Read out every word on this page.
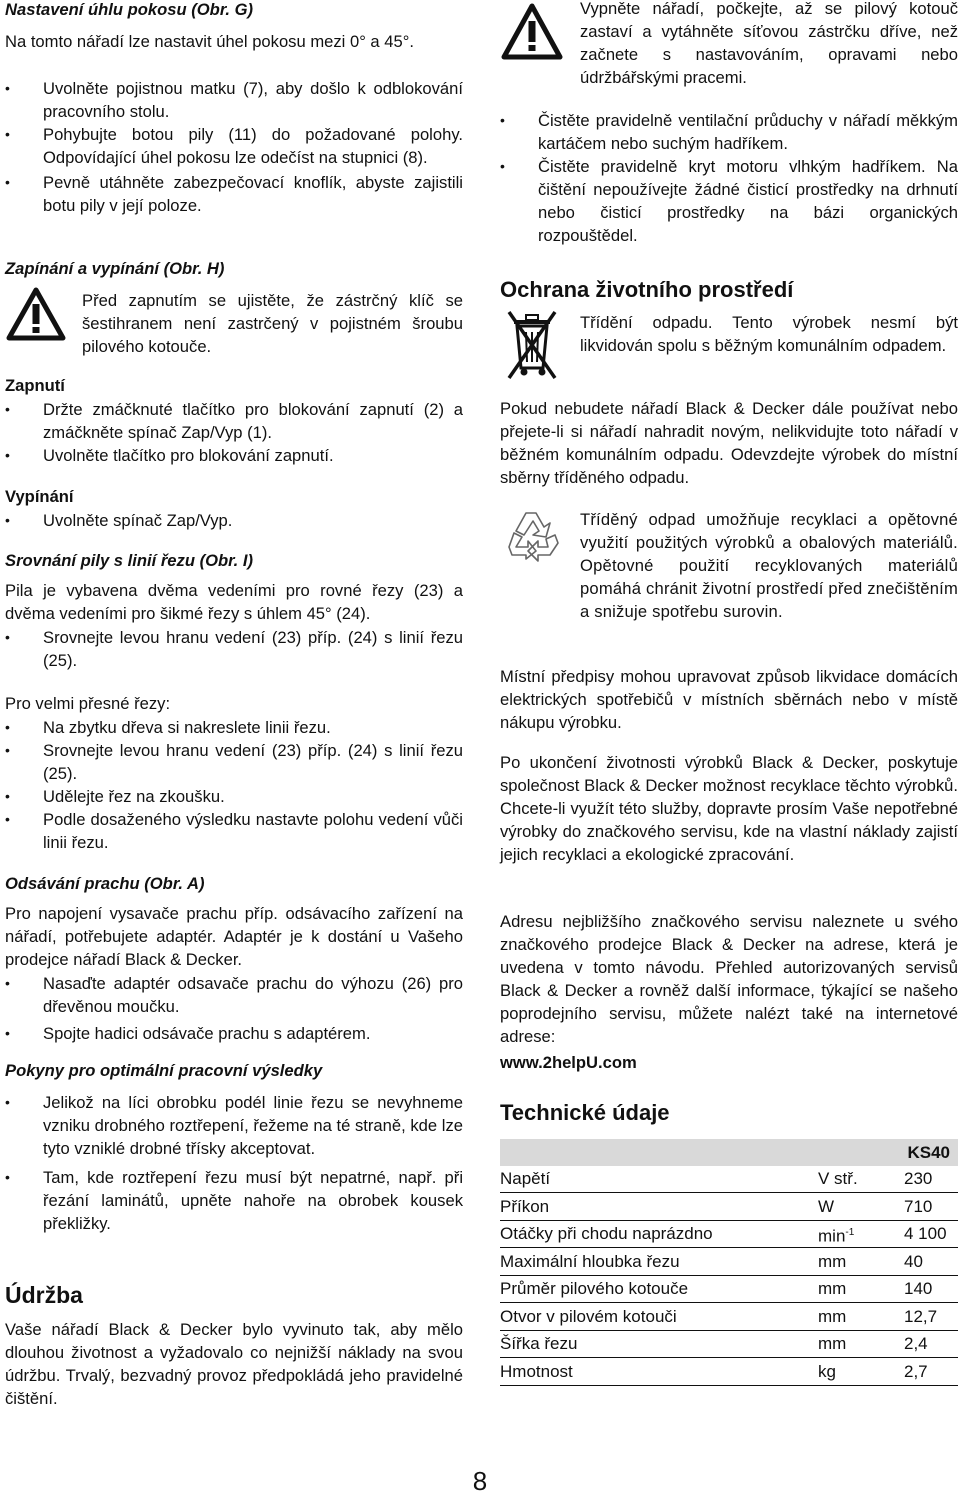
Nastavení úhlu pokosu (Obr. G)

Na tomto nářadí lze nastavit úhel pokosu mezi 0° a 45°.

• Uvolněte pojistnou matku (7), aby došlo k odblokování pracovního stolu.
• Pohybujte botou pily (11) do požadované polohy. Odpovídající úhel pokosu lze odečíst na stupnici (8).
• Pevně utáhněte zabezpečovací knoflík, abyste zajistili botu pily v její poloze.
Zapínání a vypínání (Obr. H)

Před zapnutím se ujistěte, že zástrčný klíč se šestihranem není zastrčený v pojistném šroubu pilového kotouče.

Zapnutí
• Držte zmáčknuté tlačítko pro blokování zapnutí (2) a zmáčkněte spínač Zap/Vyp (1).
• Uvolněte tlačítko pro blokování zapnutí.
Vypínání
• Uvolněte spínač Zap/Vyp.
Srovnání pily s linií řezu (Obr. I)

Pila je vybavena dvěma vedeními pro rovné řezy (23) a dvěma vedeními pro šikmé řezy s úhlem 45° (24).

• Srovnejte levou hranu vedení (23) příp. (24) s linií řezu (25).
Pro velmi přesné řezy:
• Na zbytku dřeva si nakreslete linii řezu.
• Srovnejte levou hranu vedení (23) příp. (24) s linií řezu (25).
• Udělejte řez na zkoušku.
• Podle dosaženého výsledku nastavte polohu vedení vůči linii řezu.
Odsávání prachu (Obr. A)

Pro napojení vysavače prachu příp. odsávacího zařízení na nářadí, potřebujete adaptér. Adaptér je k dostání u Vašeho prodejce nářadí Black & Decker.

• Nasaďte adaptér odsavače prachu do výhozu (26) pro dřevěnou moučku.
• Spojte hadici odsávače prachu s adaptérem.
Pokyny pro optimální pracovní výsledky
• Jelikož na líci obrobku podél linie řezu se nevyhneme vzniku drobného roztřepení, řežeme na té straně, kde lze tyto vzniklé drobné třísky akceptovat.
• Tam, kde roztřepení řezu musí být nepatrné, např. při řezání laminátů, upněte nahoře na obrobek kousek překližky.
Údržba

Vaše nářadí Black & Decker bylo vyvinuto tak, aby mělo dlouhou životnost a vyžadovalo co nejnižší náklady na svou údržbu. Trvalý, bezvadný provoz předpokládá jeho pravidelné čištění.

Vypněte nářadí, počkejte, až se pilový kotouč zastaví a vytáhněte síťovou zástrčku dříve, než začnete s nastavováním, opravami nebo údržbářskými pracemi.

• Čistěte pravidelně ventilační průduchy v nářadí měkkým kartáčem nebo suchým hadříkem.
• Čistěte pravidelně kryt motoru vlhkým hadříkem. Na čištění nepoužívejte žádné čisticí prostředky na drhnutí nebo čisticí prostředky na bázi organických rozpouštědel.
Ochrana životního prostředí

Třídění odpadu. Tento výrobek nesmí být likvidován spolu s běžným komunálním odpadem.

Pokud nebudete nářadí Black & Decker dále používat nebo přejete-li si nářadí nahradit novým, nelikvidujte toto nářadí v běžném komunálním odpadu. Odevzdejte výrobek do místní sběrny tříděného odpadu.

Tříděný odpad umožňuje recyklaci a opětovné využití použitých výrobků a obalových materiálů. Opětovné použití recyklovaných materiálů pomáhá chránit životní prostředí před znečištěním a snižuje spotřebu surovin.

Místní předpisy mohou upravovat způsob likvidace domácích elektrických spotřebičů v místních sběrnách nebo v místě nákupu výrobku.

Po ukončení životnosti výrobků Black & Decker, poskytuje společnost Black & Decker možnost recyklace těchto výrobků. Chcete-li využít této služby, dopravte prosím Vaše nepotřebné výrobky do značkového servisu, kde na vlastní náklady zajistí jejich recyklaci a ekologické zpracování.

Adresu nejbližšího značkového servisu naleznete u svého značkového prodejce Black & Decker na adrese, která je uvedena v tomto návodu. Přehled autorizovaných servisů Black & Decker a rovněž další informace, týkající se našeho poprodejního servisu, můžete nalézt také na internetové adrese:

www.2helpU.com
Technické údaje
KS40		
Napětí	V stř.	230
Příkon	W	710
Otáčky při chodu naprázdno	$\min^{-1}$	4 100
Maximální hloubka řezu	mm	40
Průměr pilového kotouče	mm	140
Otvor v pilovém kotouči	mm	12,7
Šířka řezu	mm	2,4
Hmotnost	kg	2,7
8
